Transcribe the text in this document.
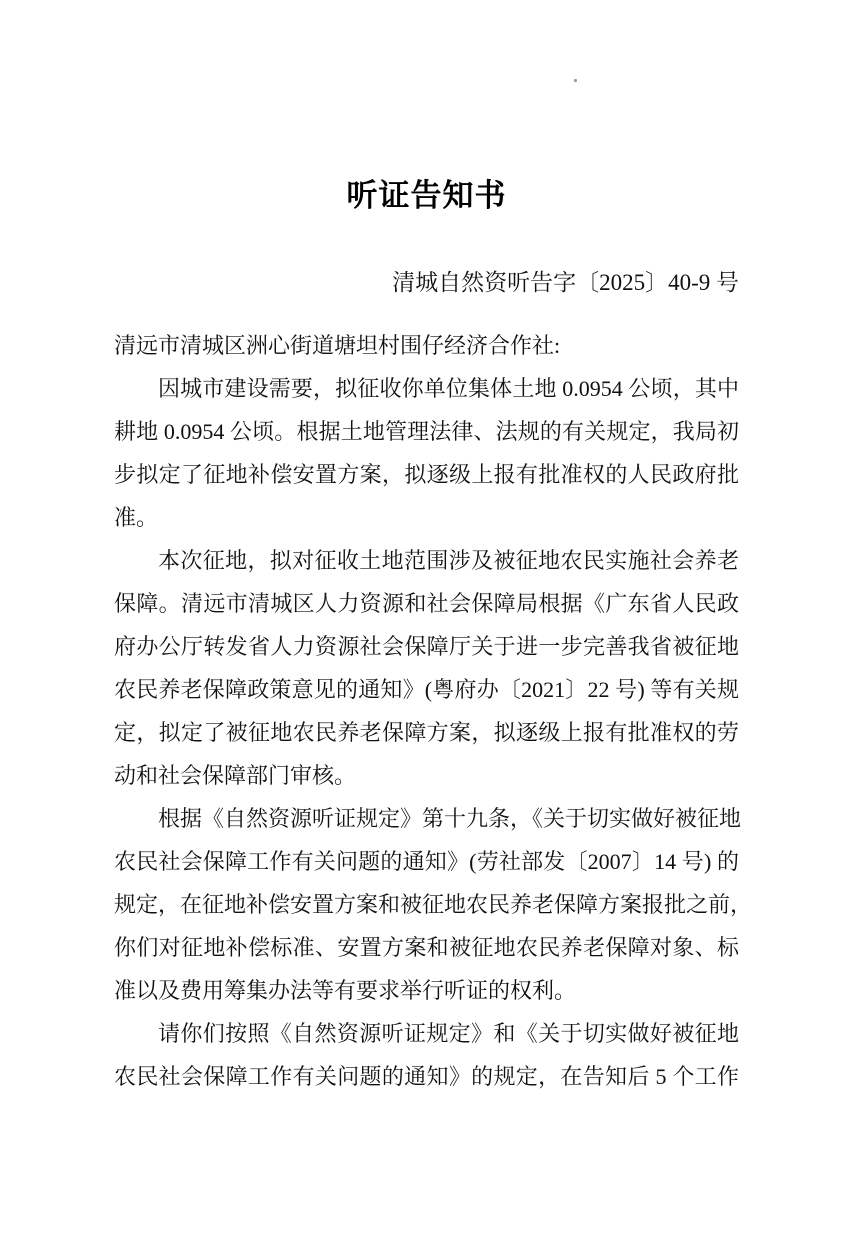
听证告知书
清城自然资听告字〔2025〕40-9 号
清远市清城区洲心街道塘坦村围仔经济合作社:
因城市建设需要，拟征收你单位集体土地 0.0954 公顷，其中
耕地 0.0954 公顷。根据土地管理法律、法规的有关规定，我局初
步拟定了征地补偿安置方案，拟逐级上报有批准权的人民政府批
准。
本次征地，拟对征收土地范围涉及被征地农民实施社会养老
保障。清远市清城区人力资源和社会保障局根据《广东省人民政
府办公厅转发省人力资源社会保障厅关于进一步完善我省被征地
农民养老保障政策意见的通知》(粤府办〔2021〕22 号) 等有关规
定，拟定了被征地农民养老保障方案，拟逐级上报有批准权的劳
动和社会保障部门审核。
根据《自然资源听证规定》第十九条，《关于切实做好被征地
农民社会保障工作有关问题的通知》(劳社部发〔2007〕14 号) 的
规定，在征地补偿安置方案和被征地农民养老保障方案报批之前，
你们对征地补偿标准、安置方案和被征地农民养老保障对象、标
准以及费用筹集办法等有要求举行听证的权利。
请你们按照《自然资源听证规定》和《关于切实做好被征地
农民社会保障工作有关问题的通知》的规定，在告知后 5 个工作
